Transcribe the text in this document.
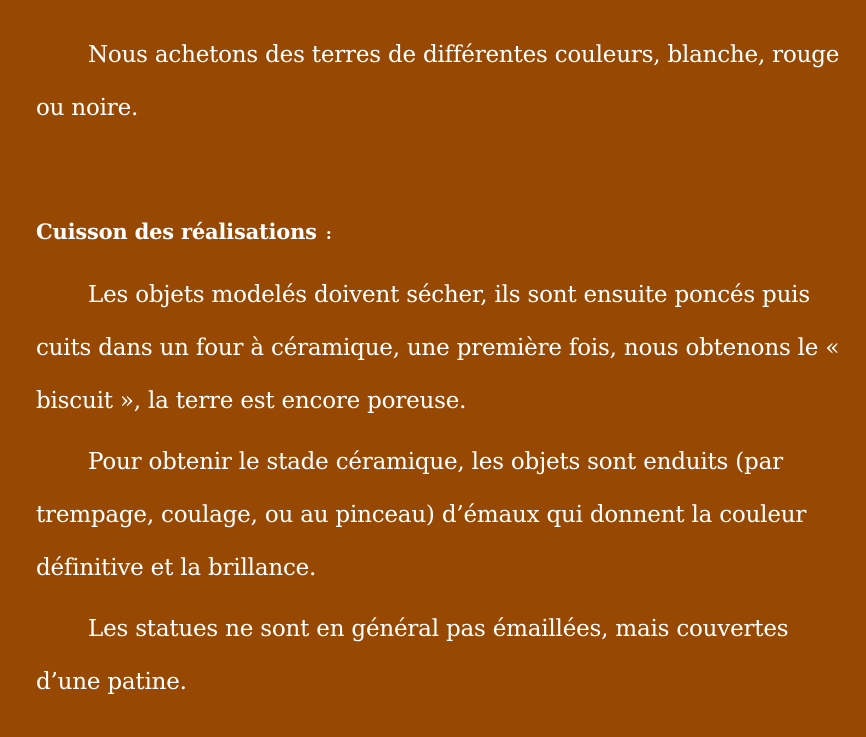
Nous achetons des terres de différentes couleurs, blanche, rouge ou noire.

Cuisson des réalisations :

Les objets modelés doivent sécher, ils sont ensuite poncés puis cuits dans un four à céramique, une première fois, nous obtenons le « biscuit », la terre est encore poreuse.

Pour obtenir le stade céramique, les objets sont enduits (par trempage, coulage, ou au pinceau) d’émaux qui donnent la couleur définitive et la brillance.

Les statues ne sont en général pas émaillées, mais couvertes d’une patine.
